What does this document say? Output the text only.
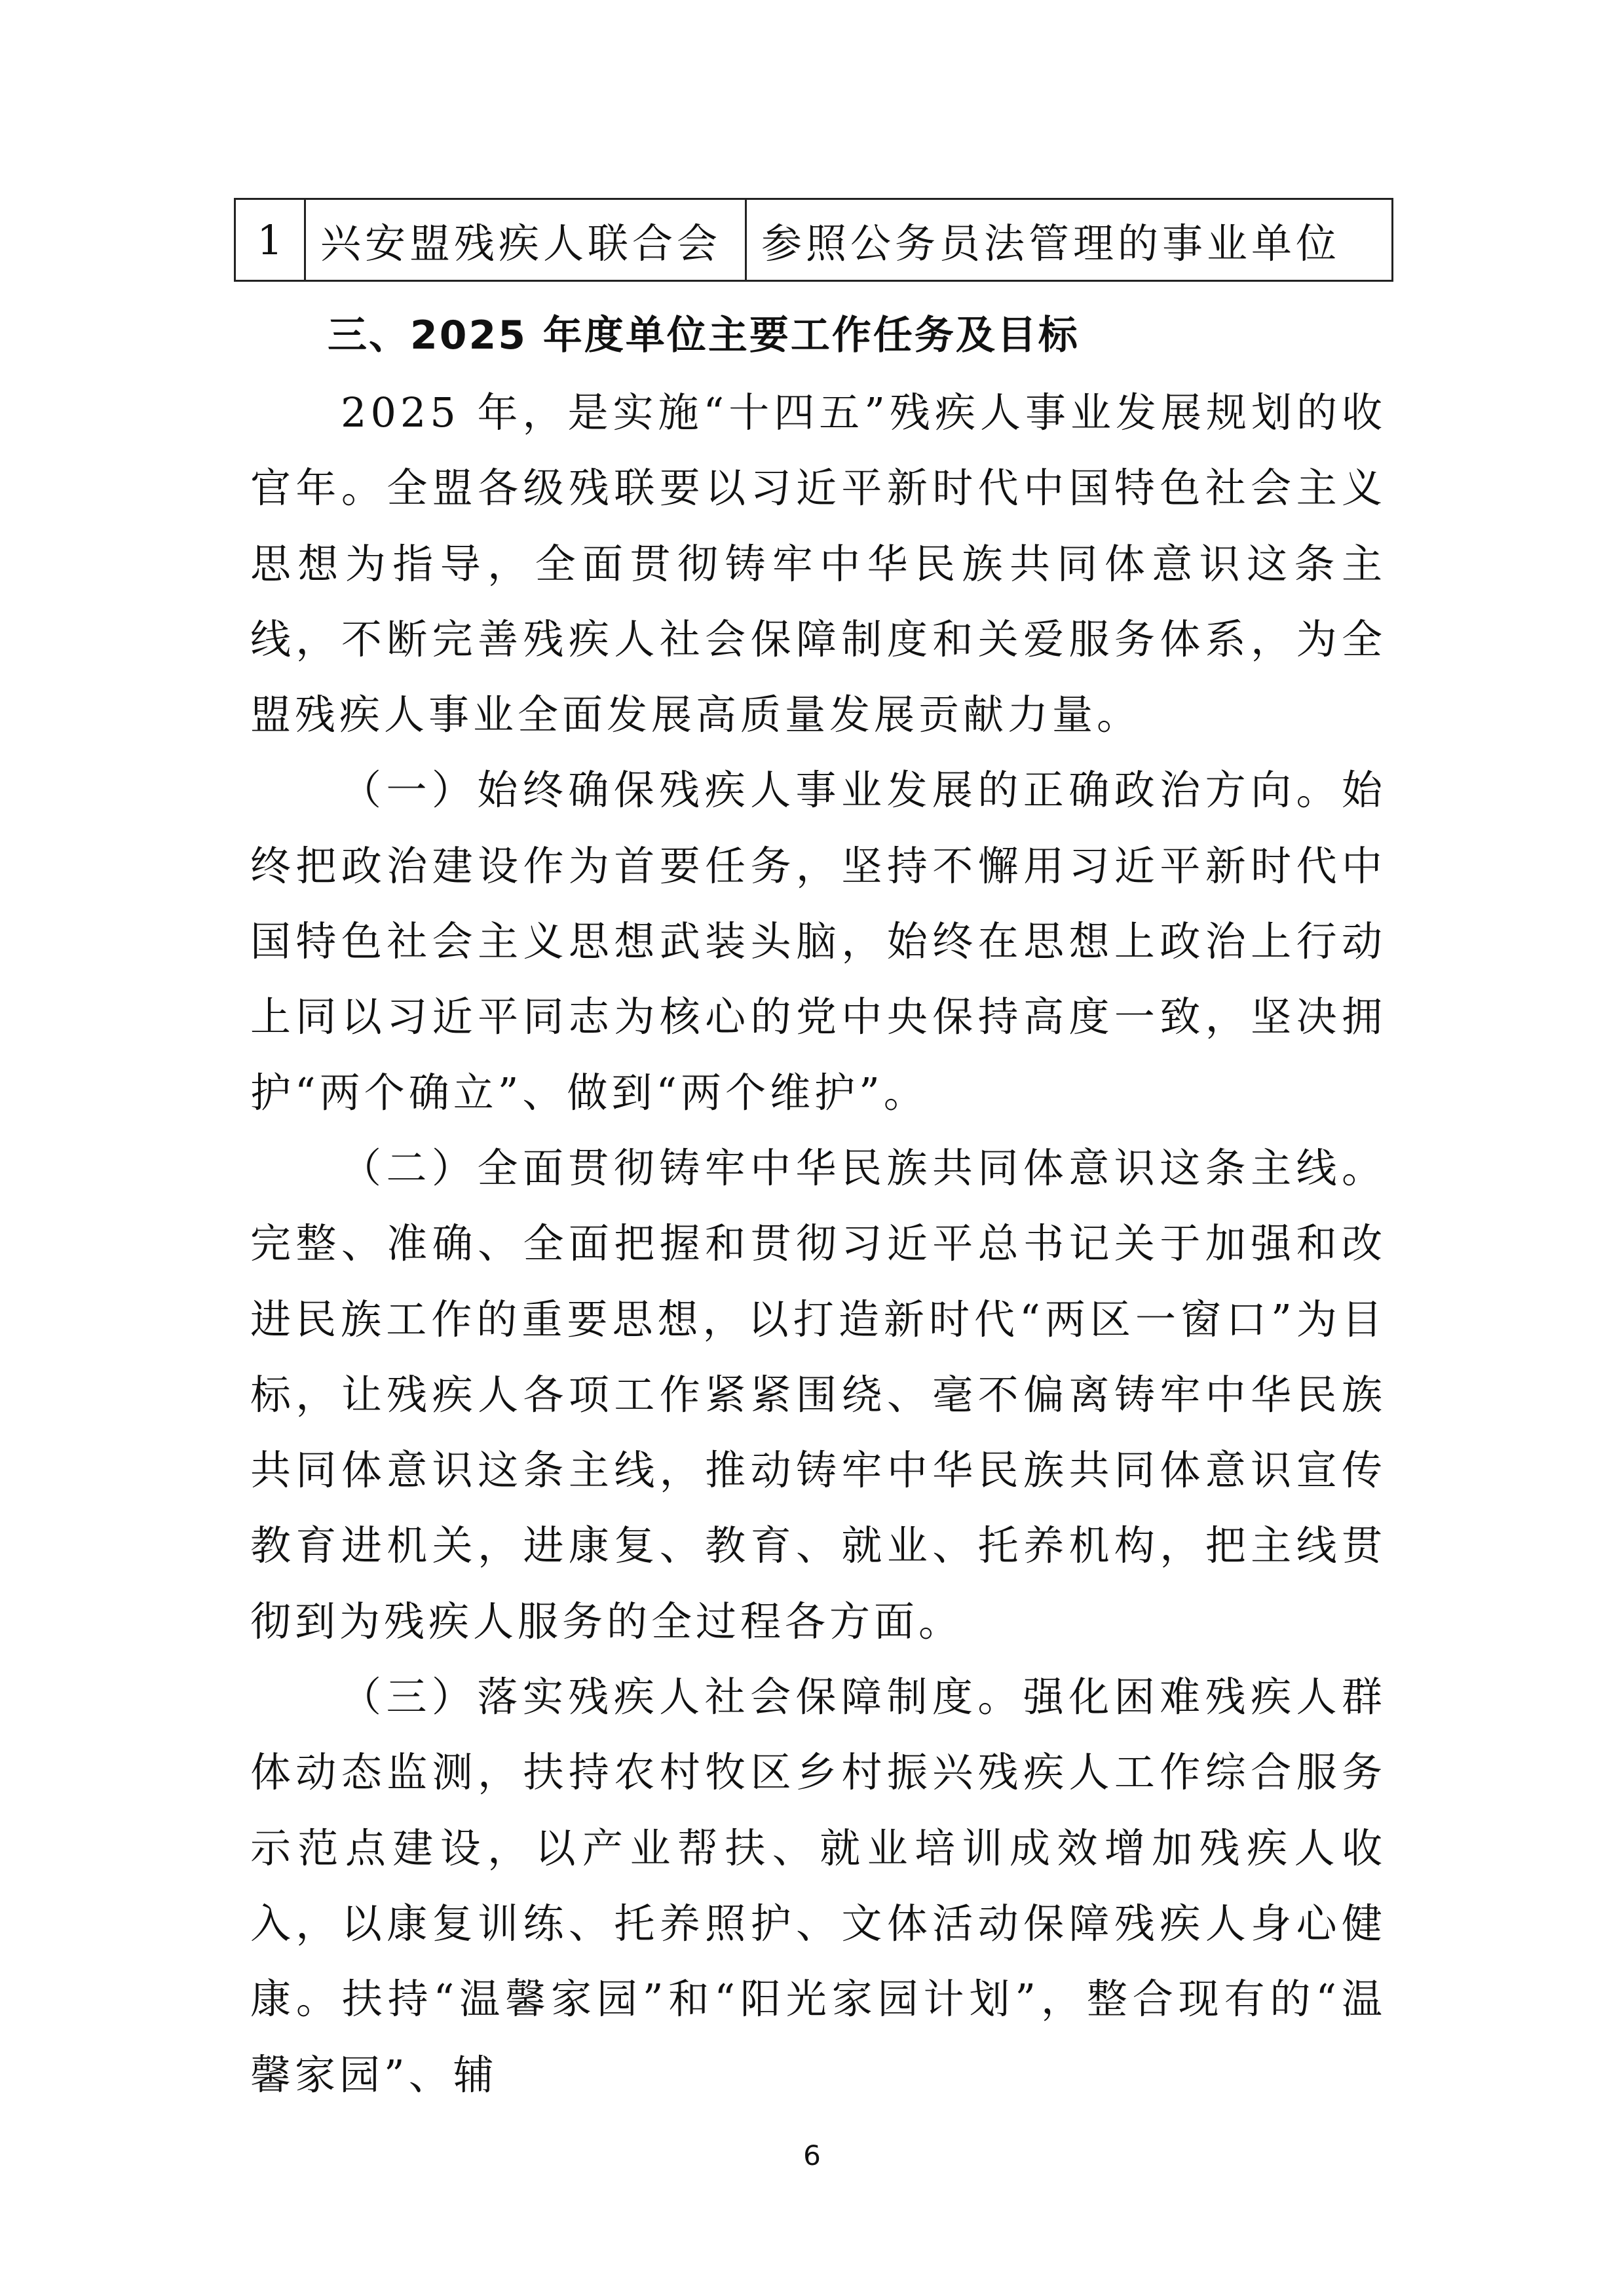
1	兴安盟残疾人联合会	参照公务员法管理的事业单位
三、2025 年度单位主要工作任务及目标

2025 年，是实施“十四五”残疾人事业发展规划的收官年。全盟各级残联要以习近平新时代中国特色社会主义思想为指导，全面贯彻铸牢中华民族共同体意识这条主线，不断完善残疾人社会保障制度和关爱服务体系，为全盟残疾人事业全面发展高质量发展贡献力量。

（一）始终确保残疾人事业发展的正确政治方向。始终把政治建设作为首要任务，坚持不懈用习近平新时代中国特色社会主义思想武装头脑，始终在思想上政治上行动上同以习近平同志为核心的党中央保持高度一致，坚决拥护“两个确立”、做到“两个维护”。

（二）全面贯彻铸牢中华民族共同体意识这条主线。完整、准确、全面把握和贯彻习近平总书记关于加强和改进民族工作的重要思想，以打造新时代“两区一窗口”为目标，让残疾人各项工作紧紧围绕、毫不偏离铸牢中华民族共同体意识这条主线，推动铸牢中华民族共同体意识宣传教育进机关，进康复、教育、就业、托养机构，把主线贯彻到为残疾人服务的全过程各方面。

（三）落实残疾人社会保障制度。强化困难残疾人群体动态监测，扶持农村牧区乡村振兴残疾人工作综合服务示范点建设，以产业帮扶、就业培训成效增加残疾人收入，以康复训练、托养照护、文体活动保障残疾人身心健康。扶持“温馨家园”和“阳光家园计划”，整合现有的“温馨家园”、辅

6
